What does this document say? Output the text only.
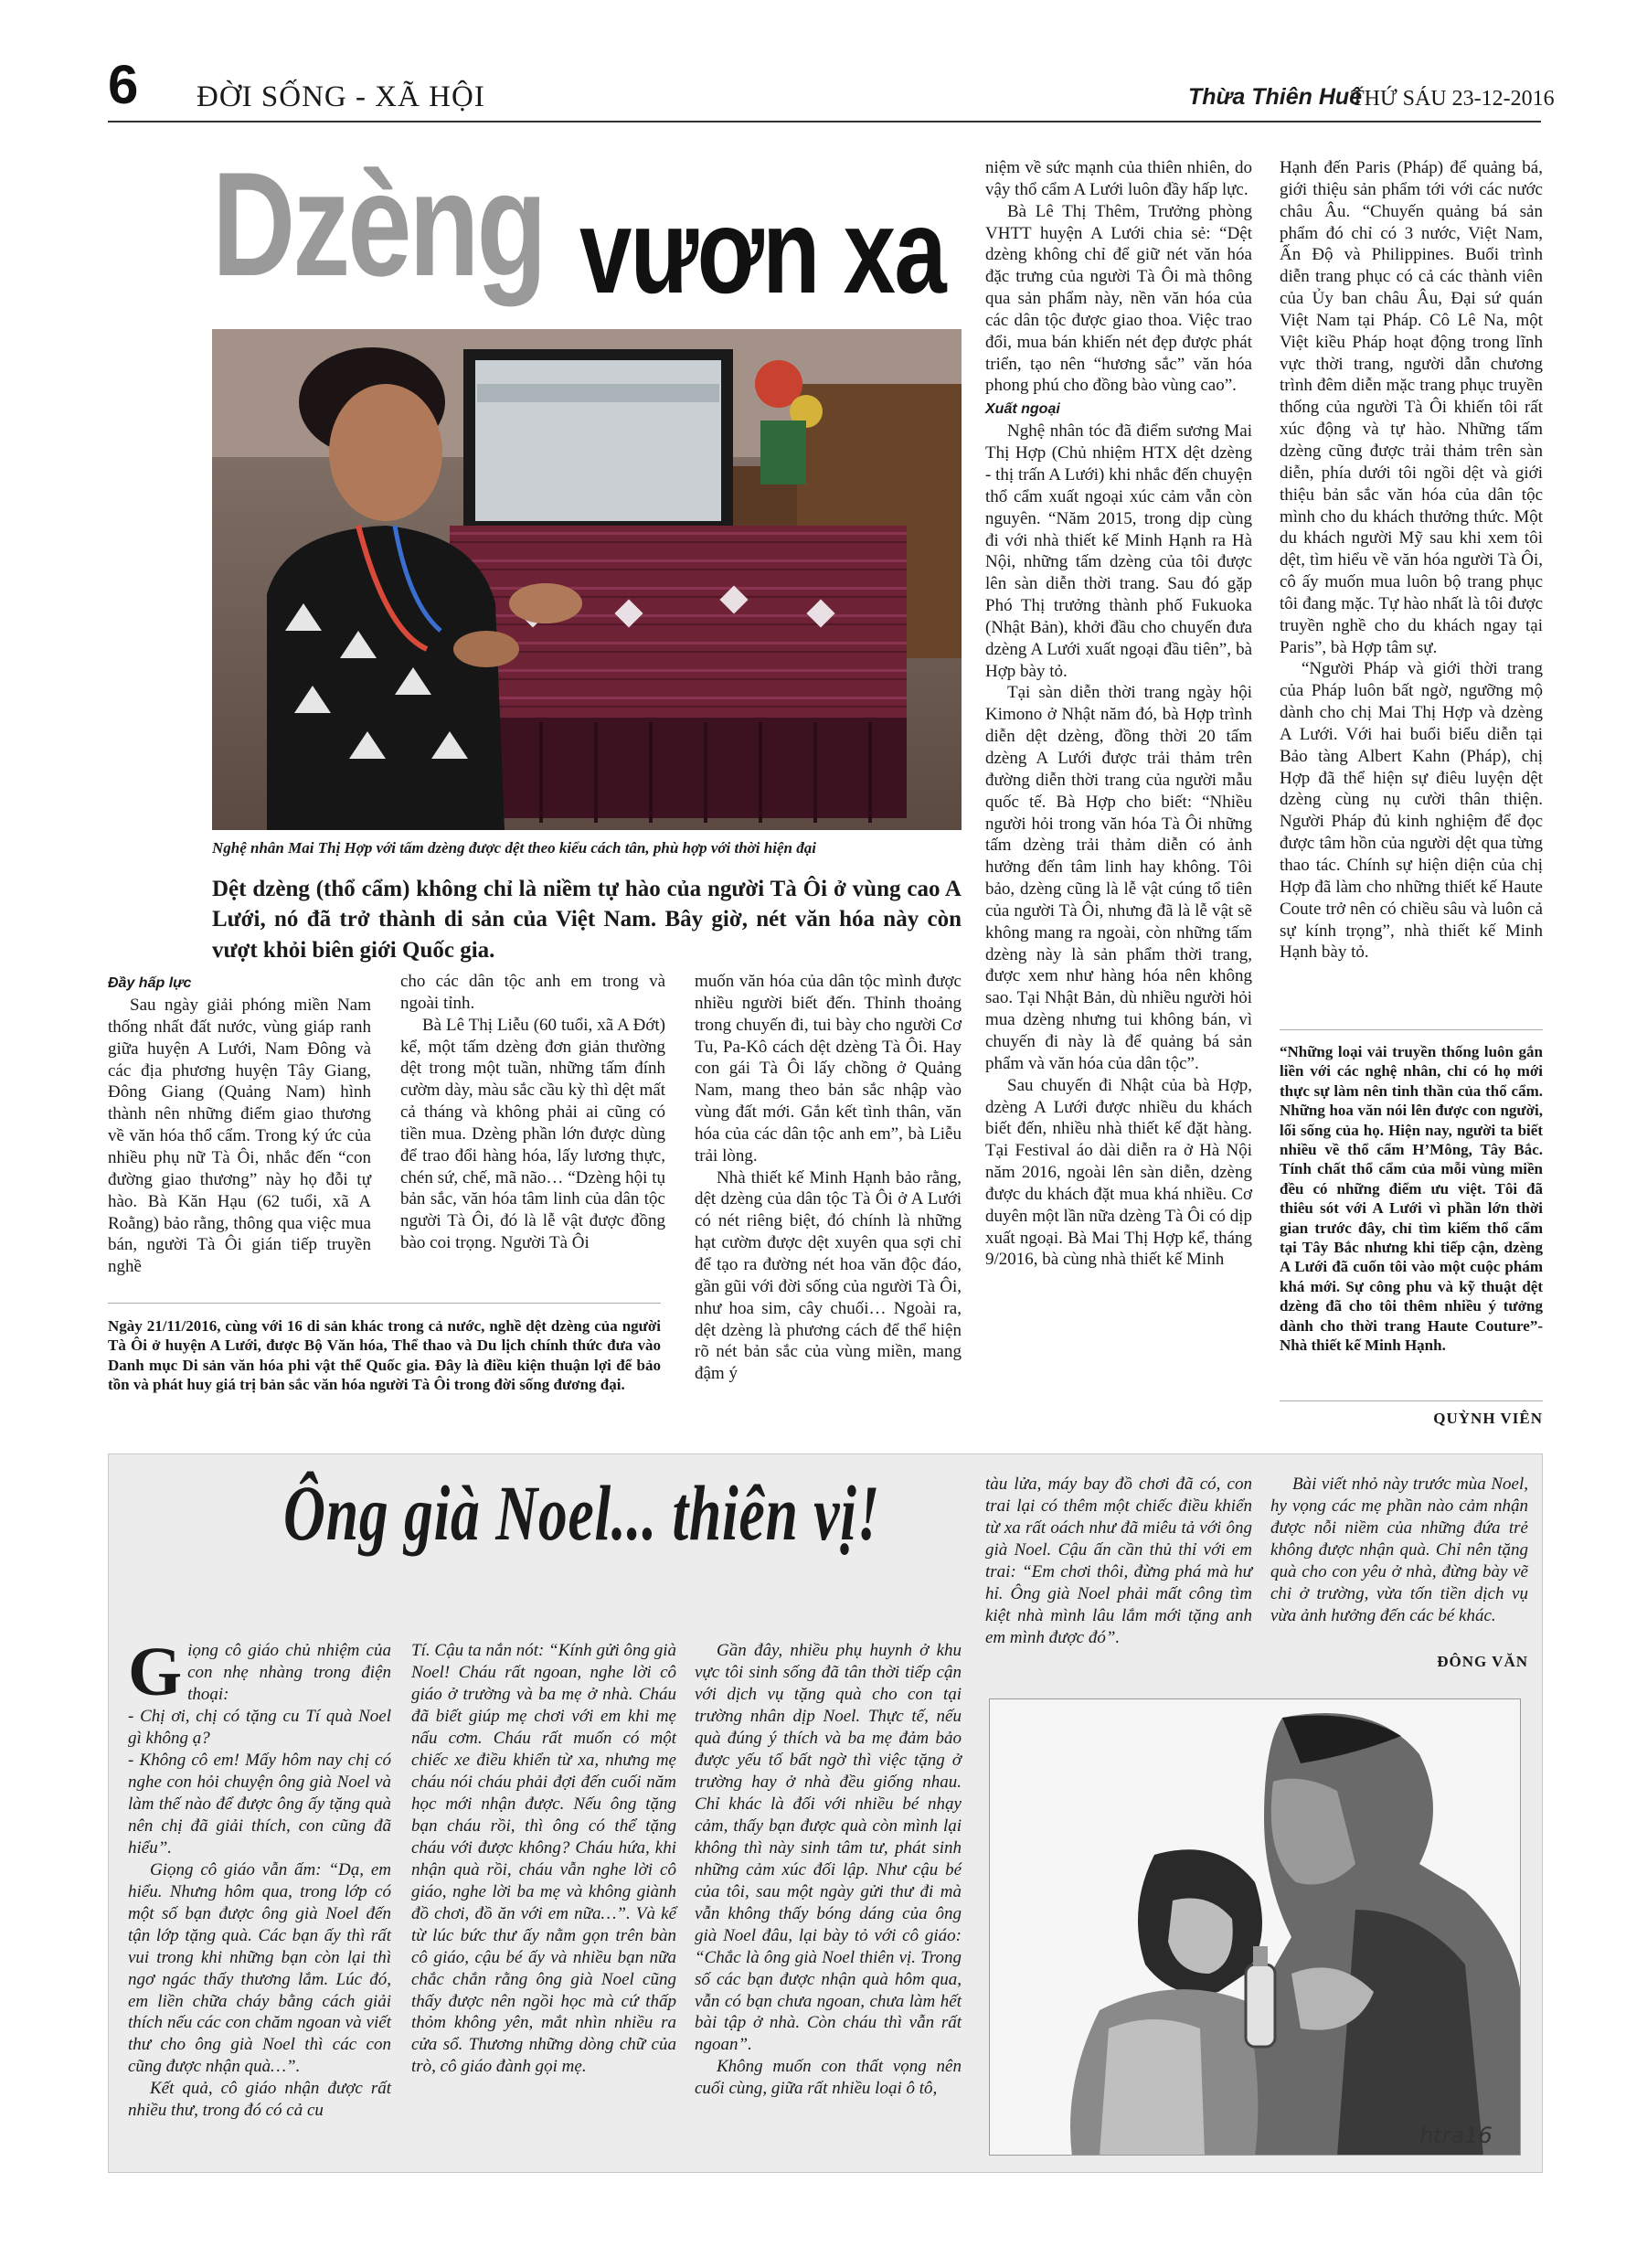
6 ĐỜI SỐNG - XÃ HỘI	Thừa Thiên Huế
THỨ SÁU 23-12-2016
Dzèng vươn xa
Nghệ nhân Mai Thị Hợp với tấm dzèng được dệt theo kiểu cách tân, phù hợp với thời hiện đại
Dệt dzèng (thổ cẩm) không chỉ là niềm tự hào của người Tà Ôi ở vùng cao A Lưới, nó đã trở thành di sản của Việt Nam. Bây giờ, nét văn hóa này còn vượt khỏi biên giới Quốc gia.

Đầy hấp lực

Sau ngày giải phóng miền Nam thống nhất đất nước, vùng giáp ranh giữa huyện A Lưới, Nam Đông và các địa phương huyện Tây Giang, Đông Giang (Quảng Nam) hình thành nên những điểm giao thương về văn hóa thổ cẩm. Trong ký ức của nhiều phụ nữ Tà Ôi, nhắc đến “con đường giao thương” này họ đỗi tự hào. Bà Kăn Hạu (62 tuổi, xã A Roằng) bảo rằng, thông qua việc mua bán, người Tà Ôi gián tiếp truyền nghề

cho các dân tộc anh em trong và ngoài tỉnh.

Bà Lê Thị Liễu (60 tuổi, xã A Đớt) kể, một tấm dzèng đơn giản thường dệt trong một tuần, những tấm đính cườm dày, màu sắc cầu kỳ thì dệt mất cả tháng và không phải ai cũng có tiền mua. Dzèng phần lớn được dùng để trao đổi hàng hóa, lấy lương thực, chén sứ, chế, mã não… “Dzèng hội tụ bản sắc, văn hóa tâm linh của dân tộc người Tà Ôi, đó là lễ vật được đồng bào coi trọng. Người Tà Ôi

Ngày 21/11/2016, cùng với 16 di sản khác trong cả nước, nghề dệt dzèng của người Tà Ôi ở huyện A Lưới, được Bộ Văn hóa, Thể thao và Du lịch chính thức đưa vào Danh mục Di sản văn hóa phi vật thể Quốc gia. Đây là điều kiện thuận lợi để bảo tồn và phát huy giá trị bản sắc văn hóa người Tà Ôi trong đời sống đương đại.

muốn văn hóa của dân tộc mình được nhiều người biết đến. Thỉnh thoảng trong chuyến đi, tui bày cho người Cơ Tu, Pa-Kô cách dệt dzèng Tà Ôi. Hay con gái Tà Ôi lấy chồng ở Quảng Nam, mang theo bản sắc nhập vào vùng đất mới. Gắn kết tình thân, văn hóa của các dân tộc anh em”, bà Liễu trải lòng.

Nhà thiết kế Minh Hạnh bảo rằng, dệt dzèng của dân tộc Tà Ôi ở A Lưới có nét riêng biệt, đó chính là những hạt cườm được dệt xuyên qua sợi chỉ để tạo ra đường nét hoa văn độc đáo, gần gũi với đời sống của người Tà Ôi, như hoa sim, cây chuối… Ngoài ra, dệt dzèng là phương cách để thể hiện rõ nét bản sắc của vùng miền, mang đậm ý

niệm về sức mạnh của thiên nhiên, do vậy thổ cẩm A Lưới luôn đầy hấp lực.

Bà Lê Thị Thêm, Trưởng phòng VHTT huyện A Lưới chia sẻ: “Dệt dzèng không chỉ để giữ nét văn hóa đặc trưng của người Tà Ôi mà thông qua sản phẩm này, nền văn hóa của các dân tộc được giao thoa. Việc trao đổi, mua bán khiến nét đẹp được phát triển, tạo nên “hương sắc” văn hóa phong phú cho đồng bào vùng cao”.

Xuất ngoại

Nghệ nhân tóc đã điểm sương Mai Thị Hợp (Chủ nhiệm HTX dệt dzèng - thị trấn A Lưới) khi nhắc đến chuyện thổ cẩm xuất ngoại xúc cảm vẫn còn nguyên. “Năm 2015, trong dịp cùng đi với nhà thiết kế Minh Hạnh ra Hà Nội, những tấm dzèng của tôi được lên sàn diễn thời trang. Sau đó gặp Phó Thị trưởng thành phố Fukuoka (Nhật Bản), khởi đầu cho chuyến đưa dzèng A Lưới xuất ngoại đầu tiên”, bà Hợp bày tỏ.

Tại sàn diễn thời trang ngày hội Kimono ở Nhật năm đó, bà Hợp trình diễn dệt dzèng, đồng thời 20 tấm dzèng A Lưới được trải thảm trên đường diễn thời trang của người mẫu quốc tế. Bà Hợp cho biết: “Nhiều người hỏi trong văn hóa Tà Ôi những tấm dzèng trải thảm diễn có ảnh hưởng đến tâm linh hay không. Tôi bảo, dzèng cũng là lễ vật cúng tổ tiên của người Tà Ôi, nhưng đã là lễ vật sẽ không mang ra ngoài, còn những tấm dzèng này là sản phẩm thời trang, được xem như hàng hóa nên không sao. Tại Nhật Bản, dù nhiều người hỏi mua dzèng nhưng tui không bán, vì chuyến đi này là để quảng bá sản phẩm và văn hóa của dân tộc”.

Sau chuyến đi Nhật của bà Hợp, dzèng A Lưới được nhiều du khách biết đến, nhiều nhà thiết kế đặt hàng. Tại Festival áo dài diễn ra ở Hà Nội năm 2016, ngoài lên sàn diễn, dzèng được du khách đặt mua khá nhiều. Cơ duyên một lần nữa dzèng Tà Ôi có dịp xuất ngoại. Bà Mai Thị Hợp kể, tháng 9/2016, bà cùng nhà thiết kế Minh

Hạnh đến Paris (Pháp) để quảng bá, giới thiệu sản phẩm tới với các nước châu Âu. “Chuyến quảng bá sản phẩm đó chỉ có 3 nước, Việt Nam, Ấn Độ và Philippines. Buổi trình diễn trang phục có cả các thành viên của Ủy ban châu Âu, Đại sứ quán Việt Nam tại Pháp. Cô Lê Na, một Việt kiều Pháp hoạt động trong lĩnh vực thời trang, người dẫn chương trình đêm diễn mặc trang phục truyền thống của người Tà Ôi khiến tôi rất xúc động và tự hào. Những tấm dzèng cũng được trải thảm trên sàn diễn, phía dưới tôi ngồi dệt và giới thiệu bản sắc văn hóa của dân tộc mình cho du khách thưởng thức. Một du khách người Mỹ sau khi xem tôi dệt, tìm hiểu về văn hóa người Tà Ôi, cô ấy muốn mua luôn bộ trang phục tôi đang mặc. Tự hào nhất là tôi được truyền nghề cho du khách ngay tại Paris”, bà Hợp tâm sự.

“Người Pháp và giới thời trang của Pháp luôn bất ngờ, ngưỡng mộ dành cho chị Mai Thị Hợp và dzèng A Lưới. Với hai buổi biểu diễn tại Bảo tàng Albert Kahn (Pháp), chị Hợp đã thể hiện sự điêu luyện dệt dzèng cùng nụ cười thân thiện. Người Pháp đủ kinh nghiệm để đọc được tâm hồn của người dệt qua từng thao tác. Chính sự hiện diện của chị Hợp đã làm cho những thiết kế Haute Coute trở nên có chiều sâu và luôn cả sự kính trọng”, nhà thiết kế Minh Hạnh bày tỏ.

“Những loại vải truyền thống luôn gắn liền với các nghệ nhân, chỉ có họ mới thực sự làm nên tinh thần của thổ cẩm. Những hoa văn nói lên được con người, lối sống của họ. Hiện nay, người ta biết nhiều về thổ cẩm H’Mông, Tây Bắc. Tính chất thổ cẩm của mỗi vùng miền đều có những điểm ưu việt. Tôi đã thiêu sót với A Lưới vì phần lớn thời gian trước đây, chỉ tìm kiếm thổ cẩm tại Tây Bắc nhưng khi tiếp cận, dzèng A Lưới đã cuốn tôi vào một cuộc phám khá mới. Sự công phu và kỹ thuật dệt dzèng đã cho tôi thêm nhiều ý tưởng dành cho thời trang Haute Couture”- Nhà thiết kế Minh Hạnh.
QUỲNH VIÊN
Ông già Noel... thiên vị!

Giọng cô giáo chủ nhiệm của con nhẹ nhàng trong điện thoại:

- Chị ơi, chị có tặng cu Tí quà Noel gì không ạ?

- Không cô em! Mấy hôm nay chị có nghe con hỏi chuyện ông già Noel và làm thế nào để được ông ấy tặng quà nên chị đã giải thích, con cũng đã hiểu”.

Giọng cô giáo vẫn ấm: “Dạ, em hiểu. Nhưng hôm qua, trong lớp có một số bạn được ông già Noel đến tận lớp tặng quà. Các bạn ấy thì rất vui trong khi những bạn còn lại thì ngơ ngác thấy thương lắm. Lúc đó, em liền chữa cháy bằng cách giải thích nếu các con chăm ngoan và viết thư cho ông già Noel thì các con cũng được nhận quà…”.

Kết quả, cô giáo nhận được rất nhiều thư, trong đó có cả cu

Tí. Cậu ta nắn nót: “Kính gửi ông già Noel! Cháu rất ngoan, nghe lời cô giáo ở trường và ba mẹ ở nhà. Cháu đã biết giúp mẹ chơi với em khi mẹ nấu cơm. Cháu rất muốn có một chiếc xe điều khiển từ xa, nhưng mẹ cháu nói cháu phải đợi đến cuối năm học mới nhận được. Nếu ông tặng bạn cháu rồi, thì ông có thể tặng cháu với được không? Cháu hứa, khi nhận quà rồi, cháu vẫn nghe lời cô giáo, nghe lời ba mẹ và không giành đồ chơi, đồ ăn với em nữa…”. Và kể từ lúc bức thư ấy nằm gọn trên bàn cô giáo, cậu bé ấy và nhiều bạn nữa chắc chắn rằng ông già Noel cũng thấy được nên ngồi học mà cứ thấp thỏm không yên, mắt nhìn nhiều ra cửa sổ. Thương những dòng chữ của trò, cô giáo đành gọi mẹ.

Gần đây, nhiều phụ huynh ở khu vực tôi sinh sống đã tân thời tiếp cận với dịch vụ tặng quà cho con tại trường nhân dịp Noel. Thực tế, nếu quà đúng ý thích và ba mẹ đảm bảo được yếu tố bất ngờ thì việc tặng ở trường hay ở nhà đều giống nhau. Chỉ khác là đối với nhiều bé nhạy cảm, thấy bạn được quà còn mình lại không thì này sinh tâm tư, phát sinh những cảm xúc đối lập. Như cậu bé của tôi, sau một ngày gửi thư đi mà vẫn không thấy bóng dáng của ông già Noel đâu, lại bày tỏ với cô giáo: “Chắc là ông già Noel thiên vị. Trong số các bạn được nhận quà hôm qua, vẫn có bạn chưa ngoan, chưa làm hết bài tập ở nhà. Còn cháu thì vẫn rất ngoan”.

Không muốn con thất vọng nên cuối cùng, giữa rất nhiều loại ô tô,

tàu lửa, máy bay đồ chơi đã có, con trai lại có thêm một chiếc điều khiển từ xa rất oách như đã miêu tả với ông già Noel. Cậu ấn cần thủ thỉ với em trai: “Em chơi thôi, đừng phá mà hư hỉ. Ông già Noel phải mất công tìm kiệt nhà mình lâu lắm mới tặng anh em mình được đó”.

Bài viết nhỏ này trước mùa Noel, hy vọng các mẹ phần nào cảm nhận được nỗi niềm của những đứa trẻ không được nhận quà. Chỉ nên tặng quà cho con yêu ở nhà, đừng bày vẽ chi ở trường, vừa tốn tiền dịch vụ vừa ảnh hưởng đến các bé khác.

ĐÔNG VĂN
htra16
